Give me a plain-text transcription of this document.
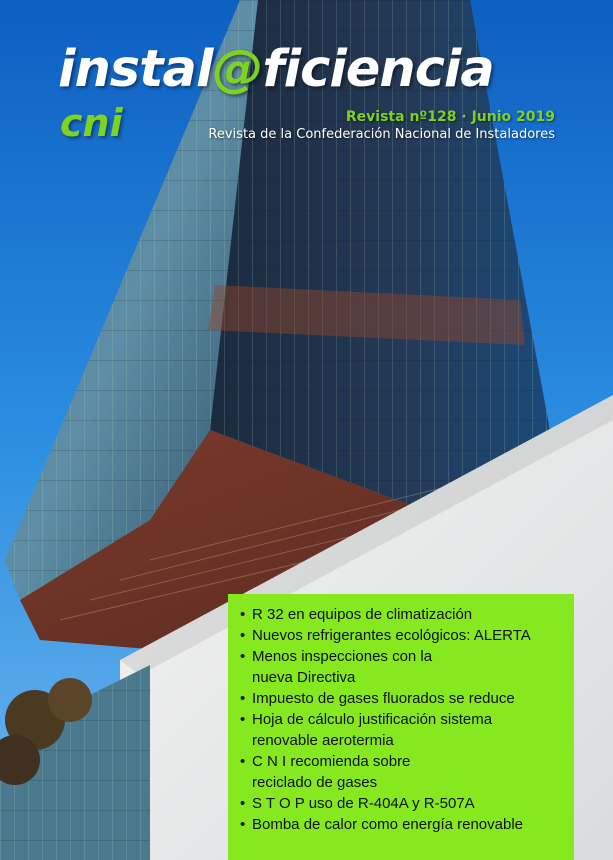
instal@ficiencia
cni	Revista nº128 · Junio 2019
Revista de la Confederación Nacional de Instaladores
• R 32 en equipos de climatización
• Nuevos refrigerantes ecológicos: ALERTA
• Menos inspecciones con la
nueva Directiva
• Impuesto de gases fluorados se reduce
• Hoja de cálculo justificación sistema
renovable aerotermia
• C N I recomienda sobre
reciclado de gases
• S T O P uso de R-404A y R-507A
• Bomba de calor como energía renovable
